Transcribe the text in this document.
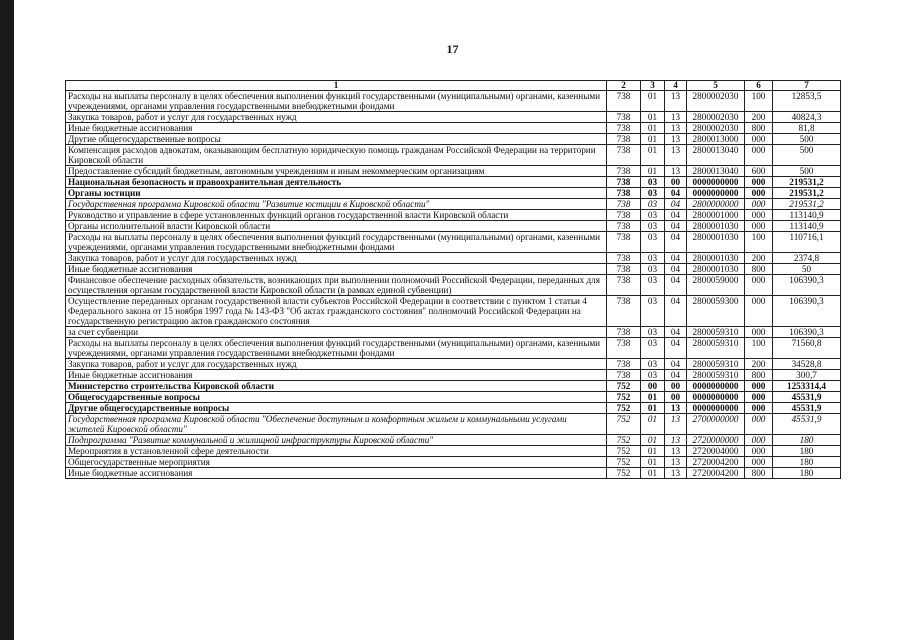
17
1	2	3	4	5	6	7
Расходы на выплаты персоналу в целях обеспечения выполнения функций государственными (муниципальными) органами, казенными учреждениями, органами управления государственными внебюджетными фондами	738	01	13	2800002030	100	12853,5
Закупка товаров, работ и услуг для государственных нужд	738	01	13	2800002030	200	40824,3
Иные бюджетные ассигнования	738	01	13	2800002030	800	81,8
Другие общегосударственные вопросы	738	01	13	2800013000	000	500
Компенсация расходов адвокатам, оказывающим бесплатную юридическую помощь гражданам Российской Федерации на территории Кировской области	738	01	13	2800013040	000	500
Предоставление субсидий бюджетным, автономным учреждениям и иным некоммерческим организациям	738	01	13	2800013040	600	500
Национальная безопасность и правоохранительная деятельность	738	03	00	0000000000	000	219531,2
Органы юстиции	738	03	04	0000000000	000	219531,2
Государственная программа Кировской области "Развитие юстиции в Кировской области"	738	03	04	2800000000	000	219531,2
Руководство и управление в сфере установленных функций органов государственной власти Кировской области	738	03	04	2800001000	000	113140,9
Органы исполнительной власти Кировской области	738	03	04	2800001030	000	113140,9
Расходы на выплаты персоналу в целях обеспечения выполнения функций государственными (муниципальными) органами, казенными учреждениями, органами управления государственными внебюджетными фондами	738	03	04	2800001030	100	110716,1
Закупка товаров, работ и услуг для государственных нужд	738	03	04	2800001030	200	2374,8
Иные бюджетные ассигнования	738	03	04	2800001030	800	50
Финансовое обеспечение расходных обязательств, возникающих при выполнении полномочий Российской Федерации, переданных для осуществления органам государственной власти Кировской области (в рамках единой субвенции)	738	03	04	2800059000	000	106390,3
Осуществление переданных органам государственной власти субъектов Российской Федерации в соответствии с пунктом 1 статьи 4 Федерального закона от 15 ноября 1997 года № 143-ФЗ "Об актах гражданского состояния" полномочий Российской Федерации на государственную регистрацию актов гражданского состояния	738	03	04	2800059300	000	106390,3
за счет субвенции	738	03	04	2800059310	000	106390,3
Расходы на выплаты персоналу в целях обеспечения выполнения функций государственными (муниципальными) органами, казенными учреждениями, органами управления государственными внебюджетными фондами	738	03	04	2800059310	100	71560,8
Закупка товаров, работ и услуг для государственных нужд	738	03	04	2800059310	200	34528,8
Иные бюджетные ассигнования	738	03	04	2800059310	800	300,7
Министерство строительства Кировской области	752	00	00	0000000000	000	1253314,4
Общегосударственные вопросы	752	01	00	0000000000	000	45531,9
Другие общегосударственные вопросы	752	01	13	0000000000	000	45531,9
Государственная программа Кировской области "Обеспечение доступным и комфортным жильем и коммунальными услугами жителей Кировской области"	752	01	13	2700000000	000	45531,9
Подпрограмма "Развитие коммунальной и жилищной инфраструктуры Кировской области"	752	01	13	2720000000	000	180
Мероприятия в установленной сфере деятельности	752	01	13	2720004000	000	180
Общегосударственные мероприятия	752	01	13	2720004200	000	180
Иные бюджетные ассигнования	752	01	13	2720004200	800	180
